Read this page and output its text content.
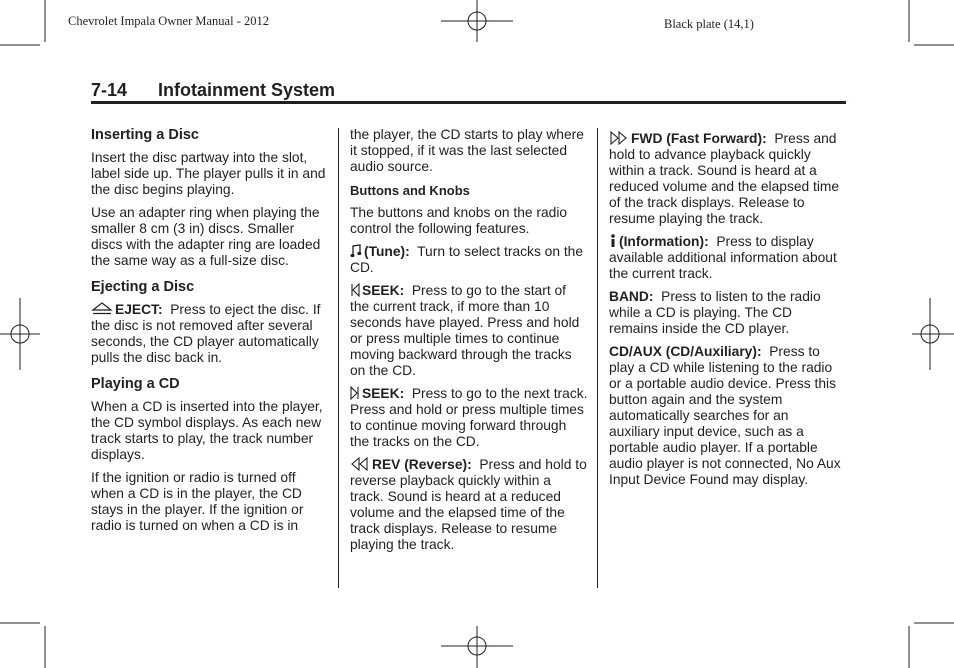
Chevrolet Impala Owner Manual - 2012	Black plate (14,1)
7-14 Infotainment System
Inserting a Disc

Insert the disc partway into the slot, label side up. The player pulls it in and the disc begins playing.

Use an adapter ring when playing the smaller 8 cm (3 in) discs. Smaller discs with the adapter ring are loaded the same way as a full-size disc.

Ejecting a Disc

EJECT: Press to eject the disc. If the disc is not removed after several seconds, the CD player automatically pulls the disc back in.

Playing a CD

When a CD is inserted into the player, the CD symbol displays. As each new track starts to play, the track number displays.

If the ignition or radio is turned off when a CD is in the player, the CD stays in the player. If the ignition or radio is turned on when a CD is in

the player, the CD starts to play where it stopped, if it was the last selected audio source.

Buttons and Knobs

The buttons and knobs on the radio control the following features.

(Tune): Turn to select tracks on the CD.

SEEK: Press to go to the start of the current track, if more than 10 seconds have played. Press and hold or press multiple times to continue moving backward through the tracks on the CD.

SEEK: Press to go to the next track. Press and hold or press multiple times to continue moving forward through the tracks on the CD.

REV (Reverse): Press and hold to reverse playback quickly within a track. Sound is heard at a reduced volume and the elapsed time of the track displays. Release to resume playing the track.

FWD (Fast Forward): Press and hold to advance playback quickly within a track. Sound is heard at a reduced volume and the elapsed time of the track displays. Release to resume playing the track.

(Information): Press to display available additional information about the current track.

BAND: Press to listen to the radio while a CD is playing. The CD remains inside the CD player.

CD/AUX (CD/Auxiliary): Press to play a CD while listening to the radio or a portable audio device. Press this button again and the system automatically searches for an auxiliary input device, such as a portable audio player. If a portable audio player is not connected, No Aux Input Device Found may display.
